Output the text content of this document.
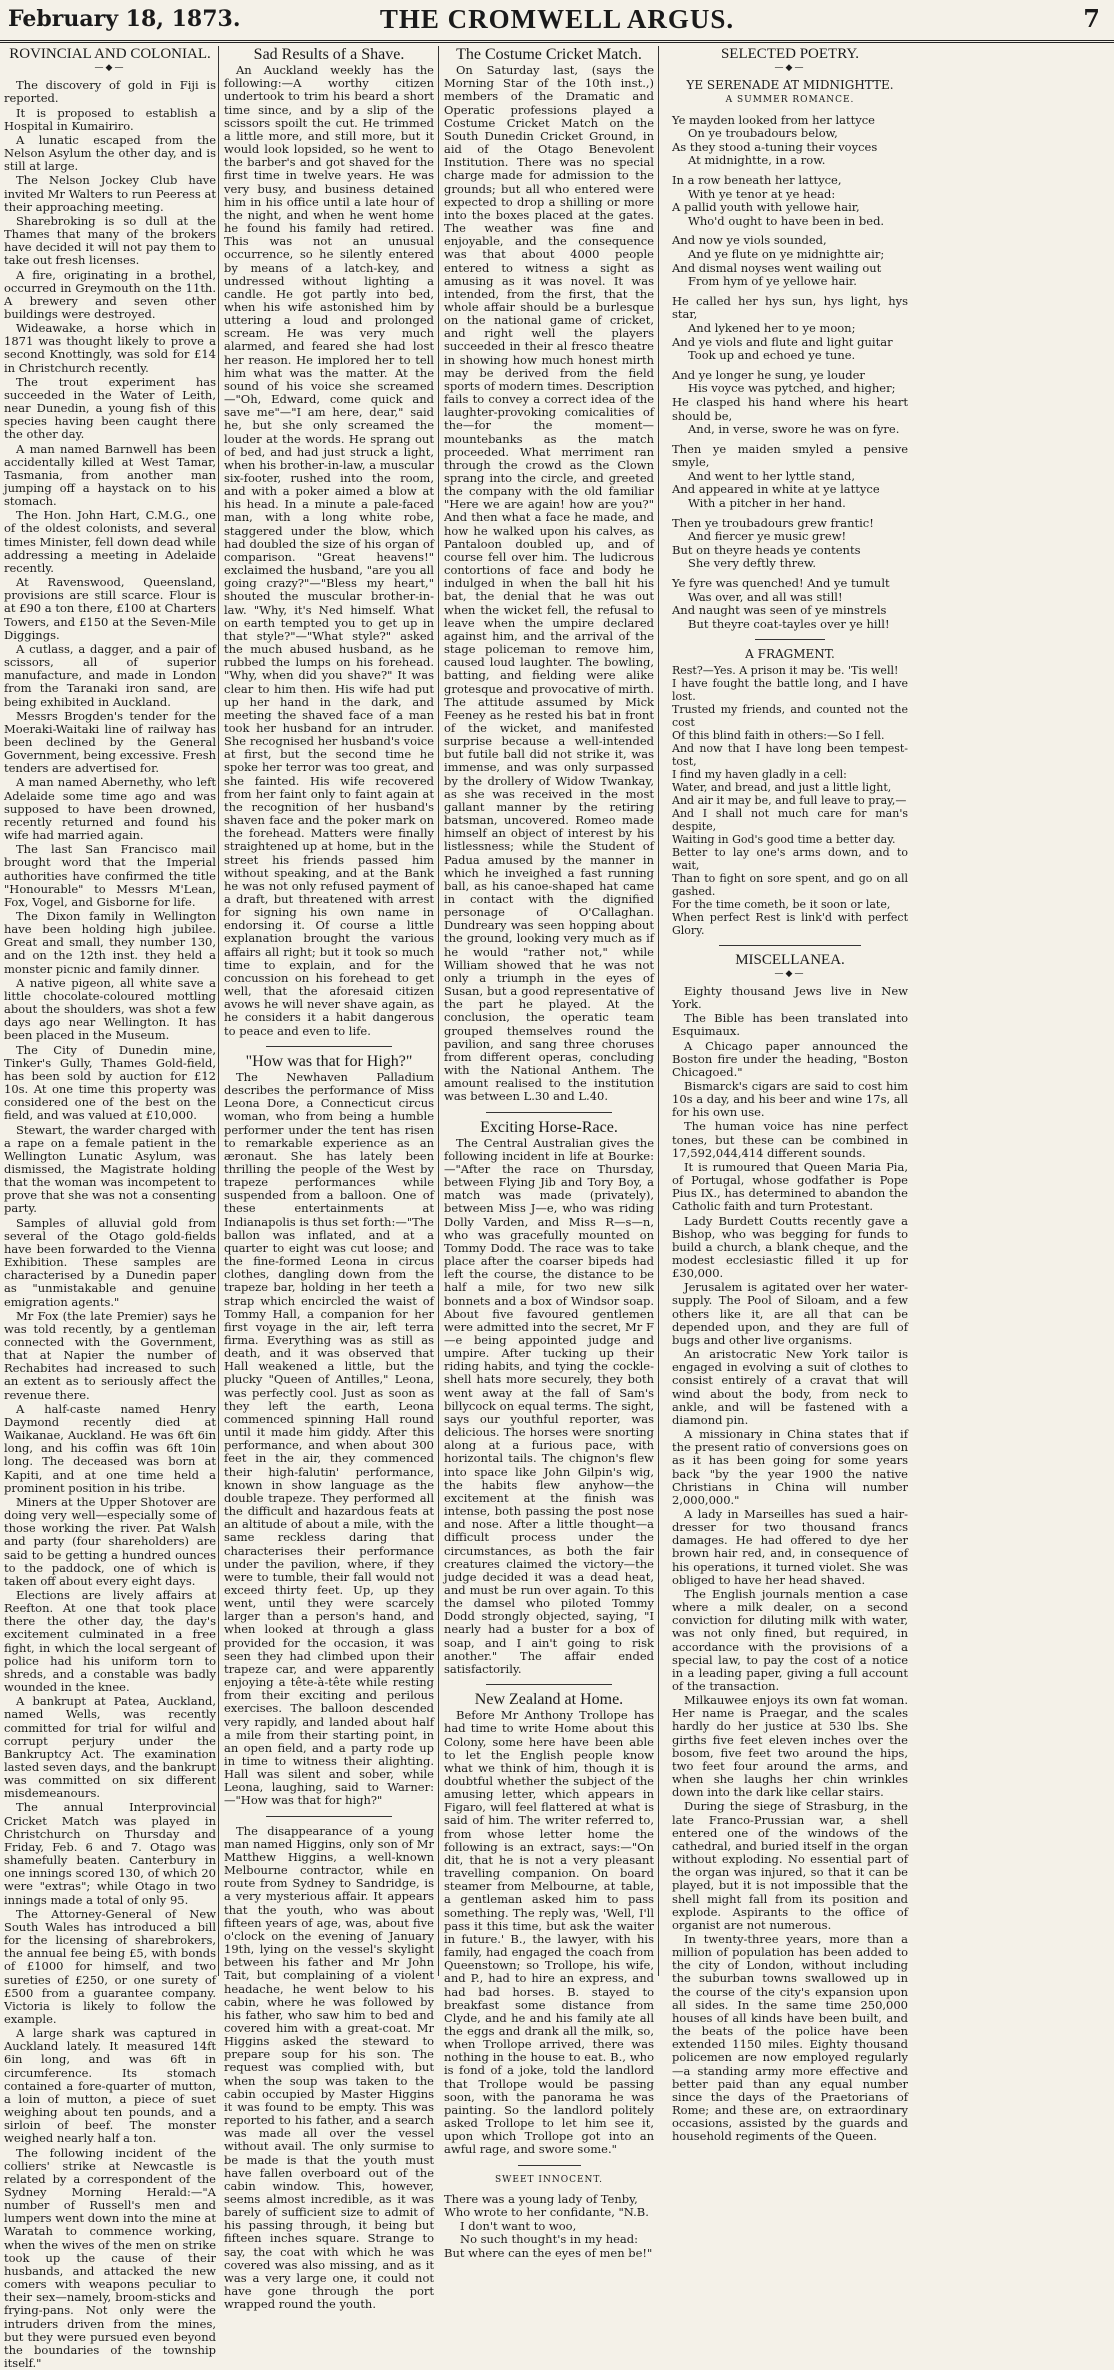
February 18, 1873.	THE CROMWELL ARGUS.	7
ROVINCIAL AND COLONIAL.
—◆—

The discovery of gold in Fiji is reported.

It is proposed to establish a Hospital in Kumairiro.

A lunatic escaped from the Nelson Asylum the other day, and is still at large.

The Nelson Jockey Club have invited Mr Walters to run Peeress at their approaching meeting.

Sharebroking is so dull at the Thames that many of the brokers have decided it will not pay them to take out fresh licenses.

A fire, originating in a brothel, occurred in Greymouth on the 11th. A brewery and seven other buildings were destroyed.

Wideawake, a horse which in 1871 was thought likely to prove a second Knottingly, was sold for £14 in Christchurch recently.

The trout experiment has succeeded in the Water of Leith, near Dunedin, a young fish of this species having been caught there the other day.

A man named Barnwell has been accidentally killed at West Tamar, Tasmania, from another man jumping off a haystack on to his stomach.

The Hon. John Hart, C.M.G., one of the oldest colonists, and several times Minister, fell down dead while addressing a meeting in Adelaide recently.

At Ravenswood, Queensland, provisions are still scarce. Flour is at £90 a ton there, £100 at Charters Towers, and £150 at the Seven-Mile Diggings.

A cutlass, a dagger, and a pair of scissors, all of superior manufacture, and made in London from the Taranaki iron sand, are being exhibited in Auckland.

Messrs Brogden's tender for the Moeraki-Waitaki line of railway has been declined by the General Government, being excessive. Fresh tenders are advertised for.

A man named Abernethy, who left Adelaide some time ago and was supposed to have been drowned, recently returned and found his wife had married again.

The last San Francisco mail brought word that the Imperial authorities have confirmed the title "Honourable" to Messrs M'Lean, Fox, Vogel, and Gisborne for life.

The Dixon family in Wellington have been holding high jubilee. Great and small, they number 130, and on the 12th inst. they held a monster picnic and family dinner.

A native pigeon, all white save a little chocolate-coloured mottling about the shoulders, was shot a few days ago near Wellington. It has been placed in the Museum.

The City of Dunedin mine, Tinker's Gully, Thames Gold-field, has been sold by auction for £12 10s. At one time this property was considered one of the best on the field, and was valued at £10,000.

Stewart, the warder charged with a rape on a female patient in the Wellington Lunatic Asylum, was dismissed, the Magistrate holding that the woman was incompetent to prove that she was not a consenting party.

Samples of alluvial gold from several of the Otago gold-fields have been forwarded to the Vienna Exhibition. These samples are characterised by a Dunedin paper as "unmistakable and genuine emigration agents."

Mr Fox (the late Premier) says he was told recently, by a gentleman connected with the Government, that at Napier the number of Rechabites had increased to such an extent as to seriously affect the revenue there.

A half-caste named Henry Daymond recently died at Waikanae, Auckland. He was 6ft 6in long, and his coffin was 6ft 10in long. The deceased was born at Kapiti, and at one time held a prominent position in his tribe.

Miners at the Upper Shotover are doing very well—especially some of those working the river. Pat Walsh and party (four shareholders) are said to be getting a hundred ounces to the paddock, one of which is taken off about every eight days.

Elections are lively affairs at Reefton. At one that took place there the other day, the day's excitement culminated in a free fight, in which the local sergeant of police had his uniform torn to shreds, and a constable was badly wounded in the knee.

A bankrupt at Patea, Auckland, named Wells, was recently committed for trial for wilful and corrupt perjury under the Bankruptcy Act. The examination lasted seven days, and the bankrupt was committed on six different misdemeanours.

The annual Interprovincial Cricket Match was played in Christchurch on Thursday and Friday, Feb. 6 and 7. Otago was shamefully beaten. Canterbury in one innings scored 130, of which 20 were "extras"; while Otago in two innings made a total of only 95.

The Attorney-General of New South Wales has introduced a bill for the licensing of sharebrokers, the annual fee being £5, with bonds of £1000 for himself, and two sureties of £250, or one surety of £500 from a guarantee company. Victoria is likely to follow the example.

A large shark was captured in Auckland lately. It measured 14ft 6in long, and was 6ft in circumference. Its stomach contained a fore-quarter of mutton, a loin of mutton, a piece of suet weighing about ten pounds, and a sirloin of beef. The monster weighed nearly half a ton.

The following incident of the colliers' strike at Newcastle is related by a correspondent of the Sydney Morning Herald:—"A number of Russell's men and lumpers went down into the mine at Waratah to commence working, when the wives of the men on strike took up the cause of their husbands, and attacked the new comers with weapons peculiar to their sex—namely, broom-sticks and frying-pans. Not only were the intruders driven from the mines, but they were pursued even beyond the boundaries of the township itself."

Sad Results of a Shave.

An Auckland weekly has the following:—A worthy citizen undertook to trim his beard a short time since, and by a slip of the scissors spoilt the cut. He trimmed a little more, and still more, but it would look lopsided, so he went to the barber's and got shaved for the first time in twelve years. He was very busy, and business detained him in his office until a late hour of the night, and when he went home he found his family had retired. This was not an unusual occurrence, so he silently entered by means of a latch-key, and undressed without lighting a candle. He got partly into bed, when his wife astonished him by uttering a loud and prolonged scream. He was very much alarmed, and feared she had lost her reason. He implored her to tell him what was the matter. At the sound of his voice she screamed—"Oh, Edward, come quick and save me"—"I am here, dear," said he, but she only screamed the louder at the words. He sprang out of bed, and had just struck a light, when his brother-in-law, a muscular six-footer, rushed into the room, and with a poker aimed a blow at his head. In a minute a pale-faced man, with a long white robe, staggered under the blow, which had doubled the size of his organ of comparison. "Great heavens!" exclaimed the husband, "are you all going crazy?"—"Bless my heart," shouted the muscular brother-in-law. "Why, it's Ned himself. What on earth tempted you to get up in that style?"—"What style?" asked the much abused husband, as he rubbed the lumps on his forehead. "Why, when did you shave?" It was clear to him then. His wife had put up her hand in the dark, and meeting the shaved face of a man took her husband for an intruder. She recognised her husband's voice at first, but the second time he spoke her terror was too great, and she fainted. His wife recovered from her faint only to faint again at the recognition of her husband's shaven face and the poker mark on the forehead. Matters were finally straightened up at home, but in the street his friends passed him without speaking, and at the Bank he was not only refused payment of a draft, but threatened with arrest for signing his own name in endorsing it. Of course a little explanation brought the various affairs all right; but it took so much time to explain, and for the concussion on his forehead to get well, that the aforesaid citizen avows he will never shave again, as he considers it a habit dangerous to peace and even to life.

"How was that for High?"

The Newhaven Palladium describes the performance of Miss Leona Dore, a Connecticut circus woman, who from being a humble performer under the tent has risen to remarkable experience as an æronaut. She has lately been thrilling the people of the West by trapeze performances while suspended from a balloon. One of these entertainments at Indianapolis is thus set forth:—"The ballon was inflated, and at a quarter to eight was cut loose; and the fine-formed Leona in circus clothes, dangling down from the trapeze bar, holding in her teeth a strap which encircled the waist of Tommy Hall, a companion for her first voyage in the air, left terra firma. Everything was as still as death, and it was observed that Hall weakened a little, but the plucky "Queen of Antilles," Leona, was perfectly cool. Just as soon as they left the earth, Leona commenced spinning Hall round until it made him giddy. After this performance, and when about 300 feet in the air, they commenced their high-falutin' performance, known in show language as the double trapeze. They performed all the difficult and hazardous feats at an altitude of about a mile, with the same reckless daring that characterises their performance under the pavilion, where, if they were to tumble, their fall would not exceed thirty feet. Up, up they went, until they were scarcely larger than a person's hand, and when looked at through a glass provided for the occasion, it was seen they had climbed upon their trapeze car, and were apparently enjoying a tête-à-tête while resting from their exciting and perilous exercises. The balloon descended very rapidly, and landed about half a mile from their starting point, in an open field, and a party rode up in time to witness their alighting. Hall was silent and sober, while Leona, laughing, said to Warner:—"How was that for high?"

The disappearance of a young man named Higgins, only son of Mr Matthew Higgins, a well-known Melbourne contractor, while en route from Sydney to Sandridge, is a very mysterious affair. It appears that the youth, who was about fifteen years of age, was, about five o'clock on the evening of January 19th, lying on the vessel's skylight between his father and Mr John Tait, but complaining of a violent headache, he went below to his cabin, where he was followed by his father, who saw him to bed and covered him with a great-coat. Mr Higgins asked the steward to prepare soup for his son. The request was complied with, but when the soup was taken to the cabin occupied by Master Higgins it was found to be empty. This was reported to his father, and a search was made all over the vessel without avail. The only surmise to be made is that the youth must have fallen overboard out of the cabin window. This, however, seems almost incredible, as it was barely of sufficient size to admit of his passing through, it being but fifteen inches square. Strange to say, the coat with which he was covered was also missing, and as it was a very large one, it could not have gone through the port wrapped round the youth.

The Costume Cricket Match.

On Saturday last, (says the Morning Star of the 10th inst.,) members of the Dramatic and Operatic professions played a Costume Cricket Match on the South Dunedin Cricket Ground, in aid of the Otago Benevolent Institution. There was no special charge made for admission to the grounds; but all who entered were expected to drop a shilling or more into the boxes placed at the gates. The weather was fine and enjoyable, and the consequence was that about 4000 people entered to witness a sight as amusing as it was novel. It was intended, from the first, that the whole affair should be a burlesque on the national game of cricket, and right well the players succeeded in their al fresco theatre in showing how much honest mirth may be derived from the field sports of modern times. Description fails to convey a correct idea of the laughter-provoking comicalities of the—for the moment—mountebanks as the match proceeded. What merriment ran through the crowd as the Clown sprang into the circle, and greeted the company with the old familiar "Here we are again! how are you?" And then what a face he made, and how he walked upon his calves, as Pantaloon doubled up, and of course fell over him. The ludicrous contortions of face and body he indulged in when the ball hit his bat, the denial that he was out when the wicket fell, the refusal to leave when the umpire declared against him, and the arrival of the stage policeman to remove him, caused loud laughter. The bowling, batting, and fielding were alike grotesque and provocative of mirth. The attitude assumed by Mick Feeney as he rested his bat in front of the wicket, and manifested surprise because a well-intended but futile ball did not strike it, was immense, and was only surpassed by the drollery of Widow Twankay, as she was received in the most gallant manner by the retiring batsman, uncovered. Romeo made himself an object of interest by his listlessness; while the Student of Padua amused by the manner in which he inveighed a fast running ball, as his canoe-shaped hat came in contact with the dignified personage of O'Callaghan. Dundreary was seen hopping about the ground, looking very much as if he would "rather not," while William showed that he was not only a triumph in the eyes of Susan, but a good representative of the part he played. At the conclusion, the operatic team grouped themselves round the pavilion, and sang three choruses from different operas, concluding with the National Anthem. The amount realised to the institution was between L.30 and L.40.

Exciting Horse-Race.

The Central Australian gives the following incident in life at Bourke:—"After the race on Thursday, between Flying Jib and Tory Boy, a match was made (privately), between Miss J—e, who was riding Dolly Varden, and Miss R—s—n, who was gracefully mounted on Tommy Dodd. The race was to take place after the coarser bipeds had left the course, the distance to be half a mile, for two new silk bonnets and a box of Windsor soap. About five favoured gentlemen were admitted into the secret, Mr F—e being appointed judge and umpire. After tucking up their riding habits, and tying the cockle-shell hats more securely, they both went away at the fall of Sam's billycock on equal terms. The sight, says our youthful reporter, was delicious. The horses were snorting along at a furious pace, with horizontal tails. The chignon's flew into space like John Gilpin's wig, the habits flew anyhow—the excitement at the finish was intense, both passing the post nose and nose. After a little thought—a difficult process under the circumstances, as both the fair creatures claimed the victory—the judge decided it was a dead heat, and must be run over again. To this the damsel who piloted Tommy Dodd strongly objected, saying, "I nearly had a buster for a box of soap, and I ain't going to risk another." The affair ended satisfactorily.

New Zealand at Home.

Before Mr Anthony Trollope has had time to write Home about this Colony, some here have been able to let the English people know what we think of him, though it is doubtful whether the subject of the amusing letter, which appears in Figaro, will feel flattered at what is said of him. The writer referred to, from whose letter home the following is an extract, says:—"On dit, that he is not a very pleasant travelling companion. On board steamer from Melbourne, at table, a gentleman asked him to pass something. The reply was, 'Well, I'll pass it this time, but ask the waiter in future.' B., the lawyer, with his family, had engaged the coach from Queenstown; so Trollope, his wife, and P., had to hire an express, and had bad horses. B. stayed to breakfast some distance from Clyde, and he and his family ate all the eggs and drank all the milk, so, when Trollope arrived, there was nothing in the house to eat. B., who is fond of a joke, told the landlord that Trollope would be passing soon, with the panorama he was painting. So the landlord politely asked Trollope to let him see it, upon which Trollope got into an awful rage, and swore some."

SWEET INNOCENT.
There was a young lady of Tenby,
Who wrote to her confidante, "N.B.
I don't want to woo,
No such thought's in my head:
But where can the eyes of men be!"
SELECTED POETRY.
—◆—
YE SERENADE AT MIDNIGHTTE.
A SUMMER ROMANCE.
Ye mayden looked from her lattyce
On ye troubadours below,
As they stood a-tuning their voyces
At midnightte, in a row.
In a row beneath her lattyce,
With ye tenor at ye head:
A pallid youth with yellowe hair,
Who'd ought to have been in bed.
And now ye viols sounded,
And ye flute on ye midnightte air;
And dismal noyses went wailing out
From hym of ye yellowe hair.
He called her hys sun, hys light, hys star,
And lykened her to ye moon;
And ye viols and flute and light guitar
Took up and echoed ye tune.
And ye longer he sung, ye louder
His voyce was pytched, and higher;
He clasped his hand where his heart should be,
And, in verse, swore he was on fyre.
Then ye maiden smyled a pensive smyle,
And went to her lyttle stand,
And appeared in white at ye lattyce
With a pitcher in her hand.
Then ye troubadours grew frantic!
And fiercer ye music grew!
But on theyre heads ye contents
She very deftly threw.
Ye fyre was quenched! And ye tumult
Was over, and all was still!
And naught was seen of ye minstrels
But theyre coat-tayles over ye hill!
A FRAGMENT.
Rest?—Yes. A prison it may be. 'Tis well!
I have fought the battle long, and I have lost.
Trusted my friends, and counted not the cost
Of this blind faith in others:—So I fell.
And now that I have long been tempest-tost,
I find my haven gladly in a cell:
Water, and bread, and just a little light,
And air it may be, and full leave to pray,—
And I shall not much care for man's despite,
Waiting in God's good time a better day.
Better to lay one's arms down, and to wait,
Than to fight on sore spent, and go on all gashed.
For the time cometh, be it soon or late,
When perfect Rest is link'd with perfect Glory.
MISCELLANEA.
—◆—

Eighty thousand Jews live in New York.

The Bible has been translated into Esquimaux.

A Chicago paper announced the Boston fire under the heading, "Boston Chicagoed."

Bismarck's cigars are said to cost him 10s a day, and his beer and wine 17s, all for his own use.

The human voice has nine perfect tones, but these can be combined in 17,592,044,414 different sounds.

It is rumoured that Queen Maria Pia, of Portugal, whose godfather is Pope Pius IX., has determined to abandon the Catholic faith and turn Protestant.

Lady Burdett Coutts recently gave a Bishop, who was begging for funds to build a church, a blank cheque, and the modest ecclesiastic filled it up for £30,000.

Jerusalem is agitated over her water-supply. The Pool of Siloam, and a few others like it, are all that can be depended upon, and they are full of bugs and other live organisms.

An aristocratic New York tailor is engaged in evolving a suit of clothes to consist entirely of a cravat that will wind about the body, from neck to ankle, and will be fastened with a diamond pin.

A missionary in China states that if the present ratio of conversions goes on as it has been going for some years back "by the year 1900 the native Christians in China will number 2,000,000."

A lady in Marseilles has sued a hair-dresser for two thousand francs damages. He had offered to dye her brown hair red, and, in consequence of his operations, it turned violet. She was obliged to have her head shaved.

The English journals mention a case where a milk dealer, on a second conviction for diluting milk with water, was not only fined, but required, in accordance with the provisions of a special law, to pay the cost of a notice in a leading paper, giving a full account of the transaction.

Milkauwee enjoys its own fat woman. Her name is Praegar, and the scales hardly do her justice at 530 lbs. She girths five feet eleven inches over the bosom, five feet two around the hips, two feet four around the arms, and when she laughs her chin wrinkles down into the dark like cellar stairs.

During the siege of Strasburg, in the late Franco-Prussian war, a shell entered one of the windows of the cathedral, and buried itself in the organ without exploding. No essential part of the organ was injured, so that it can be played, but it is not impossible that the shell might fall from its position and explode. Aspirants to the office of organist are not numerous.

In twenty-three years, more than a million of population has been added to the city of London, without including the suburban towns swallowed up in the course of the city's expansion upon all sides. In the same time 250,000 houses of all kinds have been built, and the beats of the police have been extended 1150 miles. Eighty thousand policemen are now employed regularly—a standing army more effective and better paid than any equal number since the days of the Praetorians of Rome; and these are, on extraordinary occasions, assisted by the guards and household regiments of the Queen.
